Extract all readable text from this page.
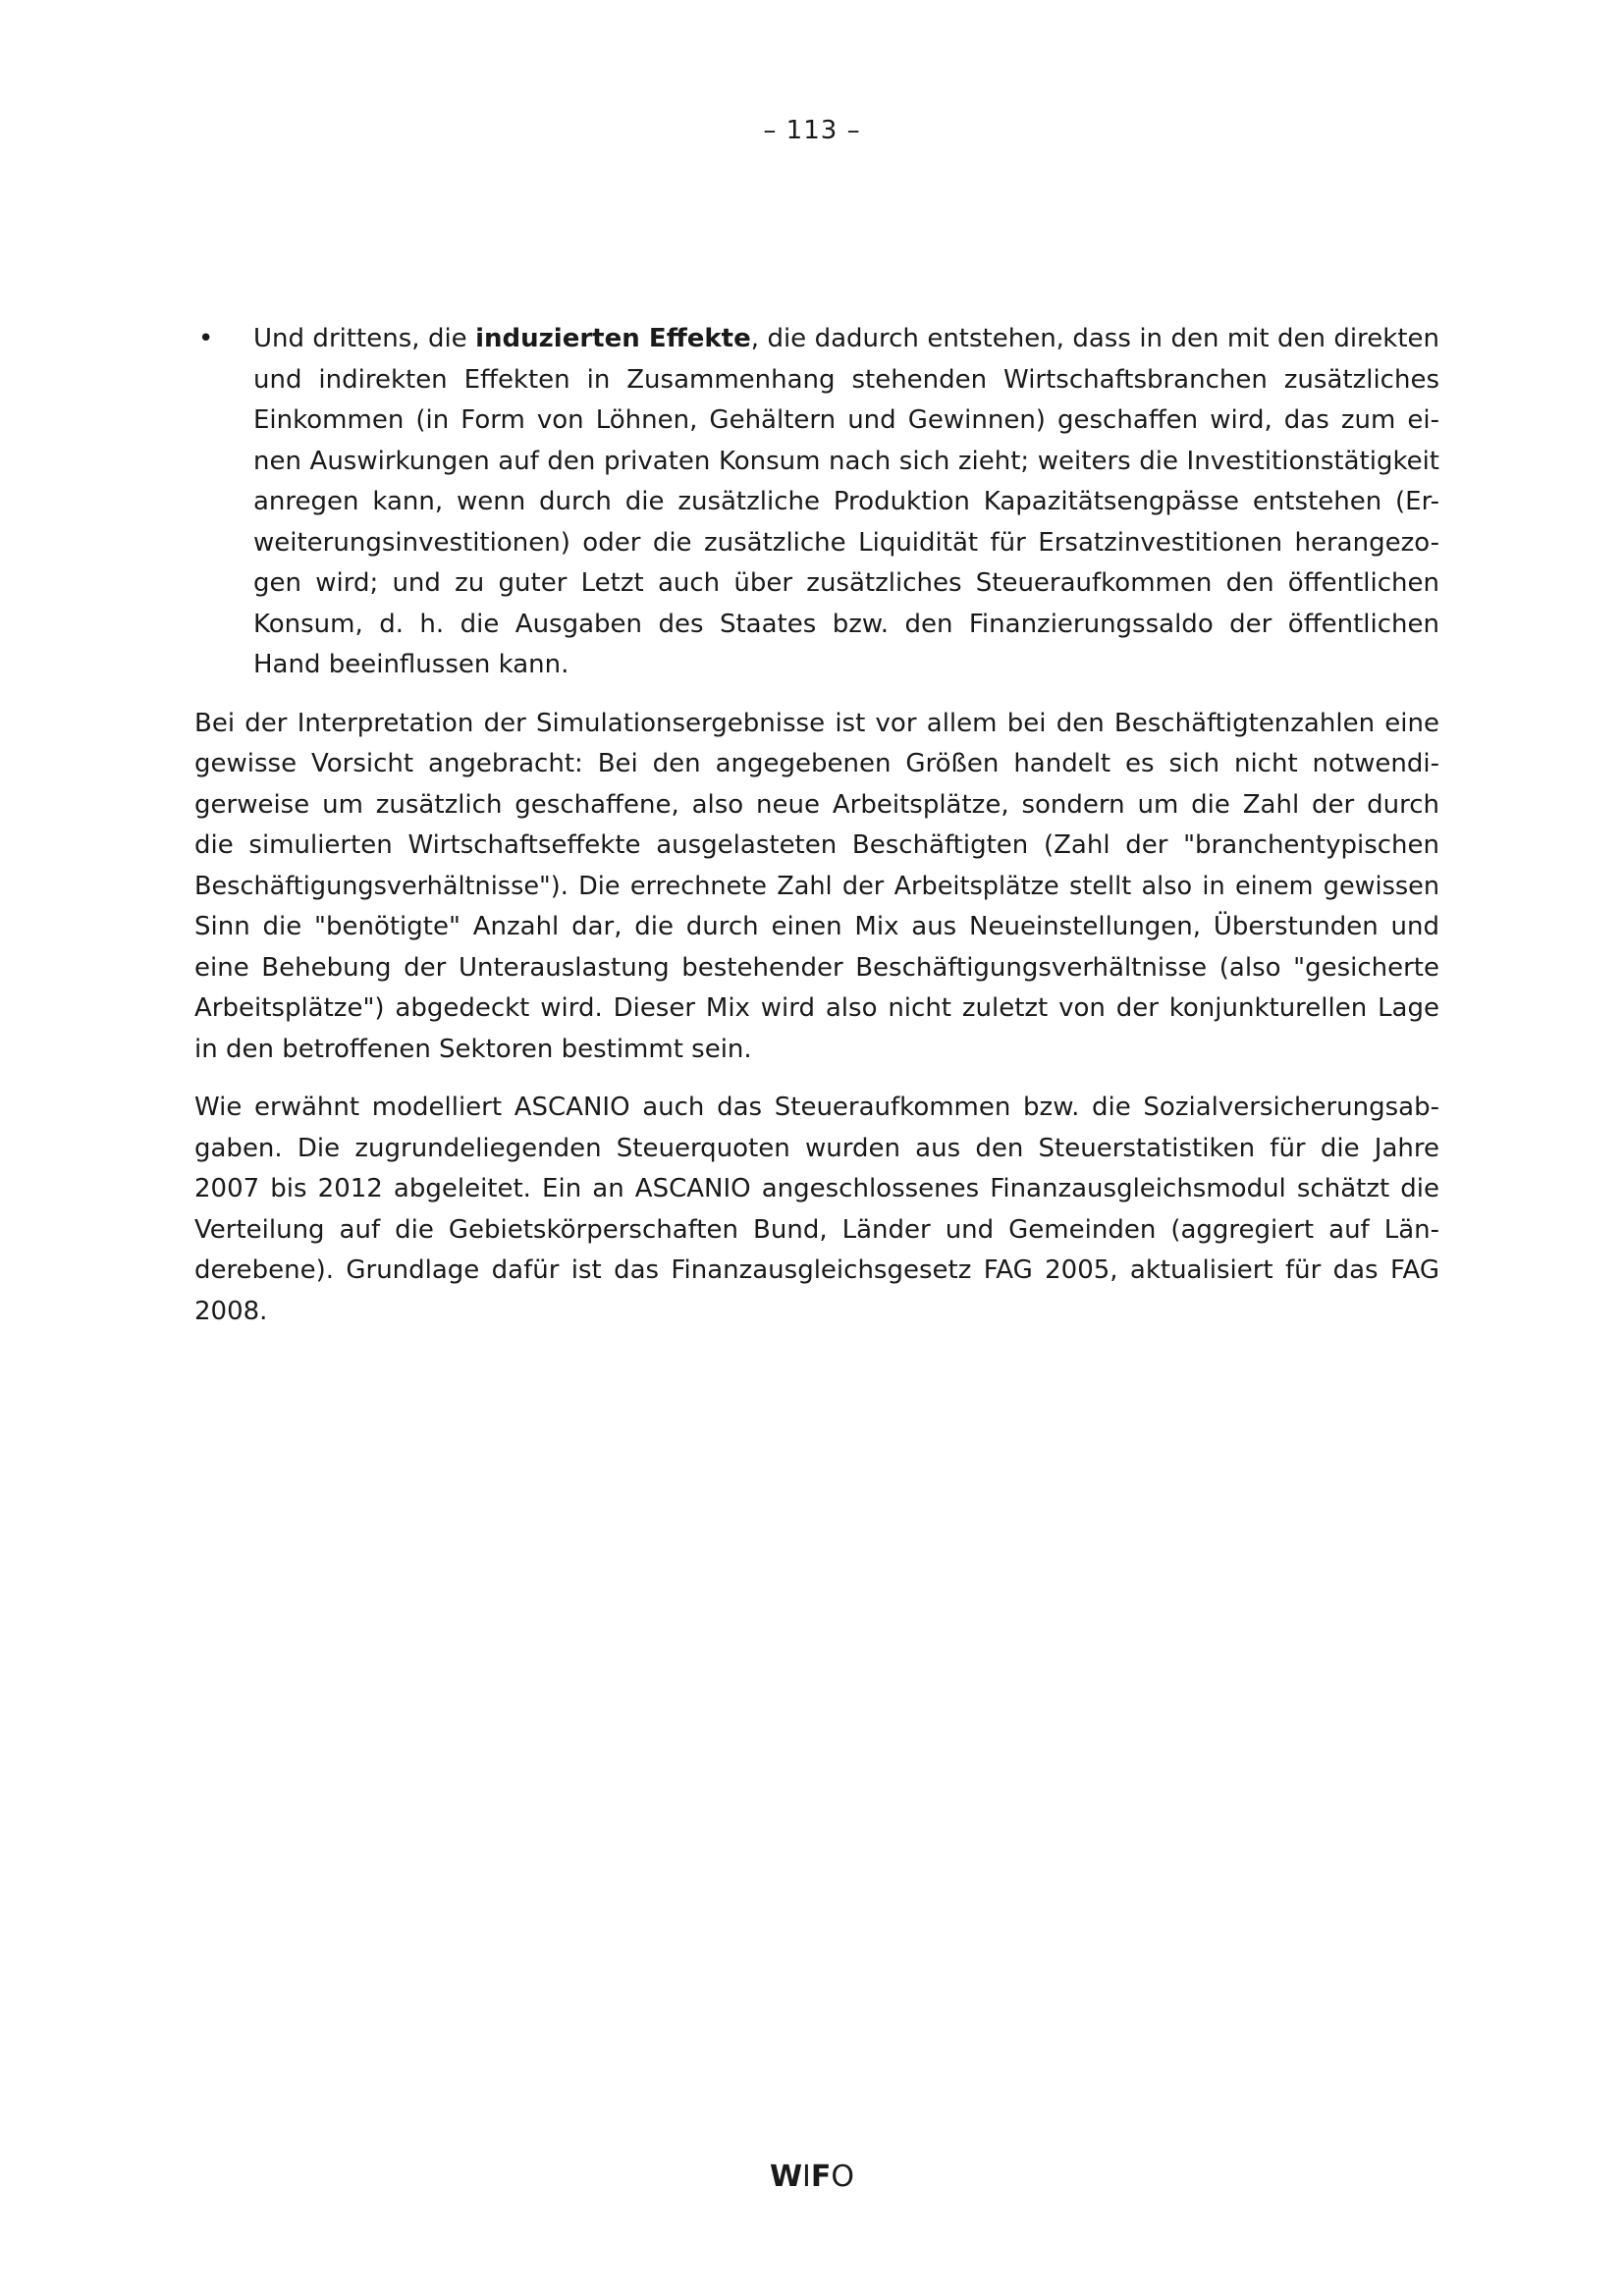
– 113 –
• Und drittens, die induzierten Effekte, die dadurch entstehen, dass in den mit den direkten
und indirekten Effekten in Zusammenhang stehenden Wirtschaftsbranchen zusätzliches
Einkommen (in Form von Löhnen, Gehältern und Gewinnen) geschaffen wird, das zum ei-
nen Auswirkungen auf den privaten Konsum nach sich zieht; weiters die Investitionstätigkeit
anregen kann, wenn durch die zusätzliche Produktion Kapazitätsengpässe entstehen (Er-
weiterungsinvestitionen) oder die zusätzliche Liquidität für Ersatzinvestitionen herangezo-
gen wird; und zu guter Letzt auch über zusätzliches Steueraufkommen den öffentlichen
Konsum, d. h. die Ausgaben des Staates bzw. den Finanzierungssaldo der öffentlichen
Hand beeinflussen kann.
Bei der Interpretation der Simulationsergebnisse ist vor allem bei den Beschäftigtenzahlen eine
gewisse Vorsicht angebracht: Bei den angegebenen Größen handelt es sich nicht notwendi-
gerweise um zusätzlich geschaffene, also neue Arbeitsplätze, sondern um die Zahl der durch
die simulierten Wirtschaftseffekte ausgelasteten Beschäftigten (Zahl der "branchentypischen
Beschäftigungsverhältnisse"). Die errechnete Zahl der Arbeitsplätze stellt also in einem gewissen
Sinn die "benötigte" Anzahl dar, die durch einen Mix aus Neueinstellungen, Überstunden und
eine Behebung der Unterauslastung bestehender Beschäftigungsverhältnisse (also "gesicherte
Arbeitsplätze") abgedeckt wird. Dieser Mix wird also nicht zuletzt von der konjunkturellen Lage
in den betroffenen Sektoren bestimmt sein.
Wie erwähnt modelliert ASCANIO auch das Steueraufkommen bzw. die Sozialversicherungsab-
gaben. Die zugrundeliegenden Steuerquoten wurden aus den Steuerstatistiken für die Jahre
2007 bis 2012 abgeleitet. Ein an ASCANIO angeschlossenes Finanzausgleichsmodul schätzt die
Verteilung auf die Gebietskörperschaften Bund, Länder und Gemeinden (aggregiert auf Län-
derebene). Grundlage dafür ist das Finanzausgleichsgesetz FAG 2005, aktualisiert für das FAG
2008.
WIFO
